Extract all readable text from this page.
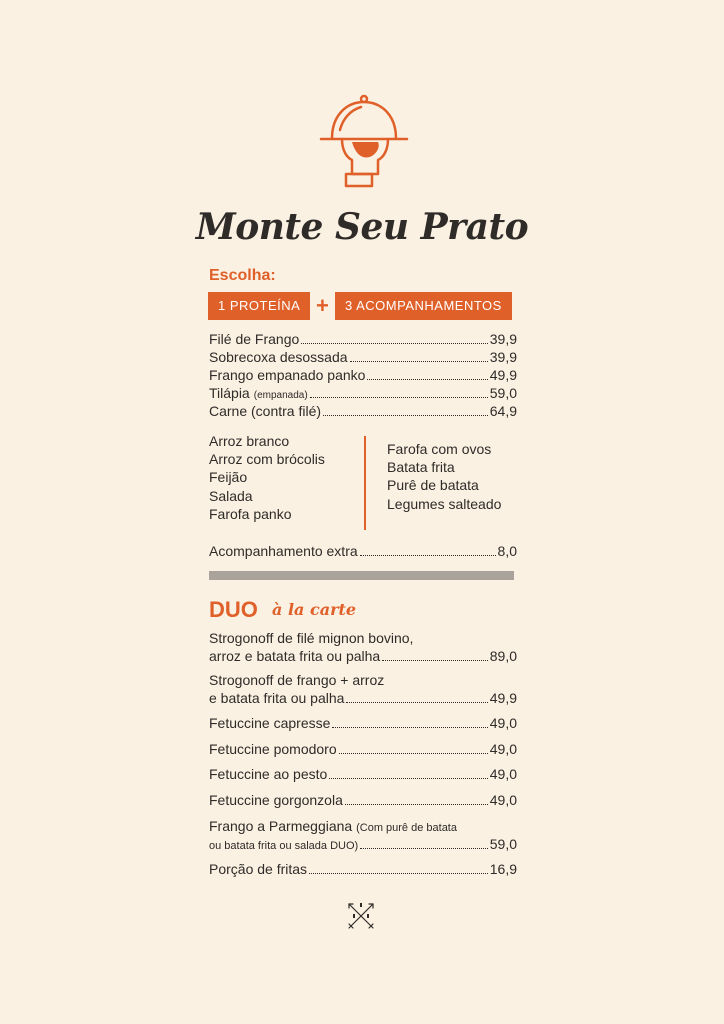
Monte Seu Prato
Escolha:
1 PROTEÍNA +	3 ACOMPANHAMENTOS
Filé de Frango	39,9
Sobrecoxa desossada	39,9
Frango empanado panko	49,9
Tilápia (empanada)	59,0
Carne (contra filé)	64,9
Arroz branco
Arroz com brócolis
Feijão
Salada
Farofa panko
Farofa com ovos
Batata frita
Purê de batata
Legumes salteado
Acompanhamento extra	8,0
DUO à la carte
Strogonoff de filé mignon bovino,
arroz e batata frita ou palha	89,0
Strogonoff de frango + arroz
e batata frita ou palha	49,9
Fetuccine capresse	49,0
Fetuccine pomodoro	49,0
Fetuccine ao pesto	49,0
Fetuccine gorgonzola	49,0
Frango a Parmeggiana (Com purê de batata
ou batata frita ou salada DUO)	59,0
Porção de fritas	16,9
